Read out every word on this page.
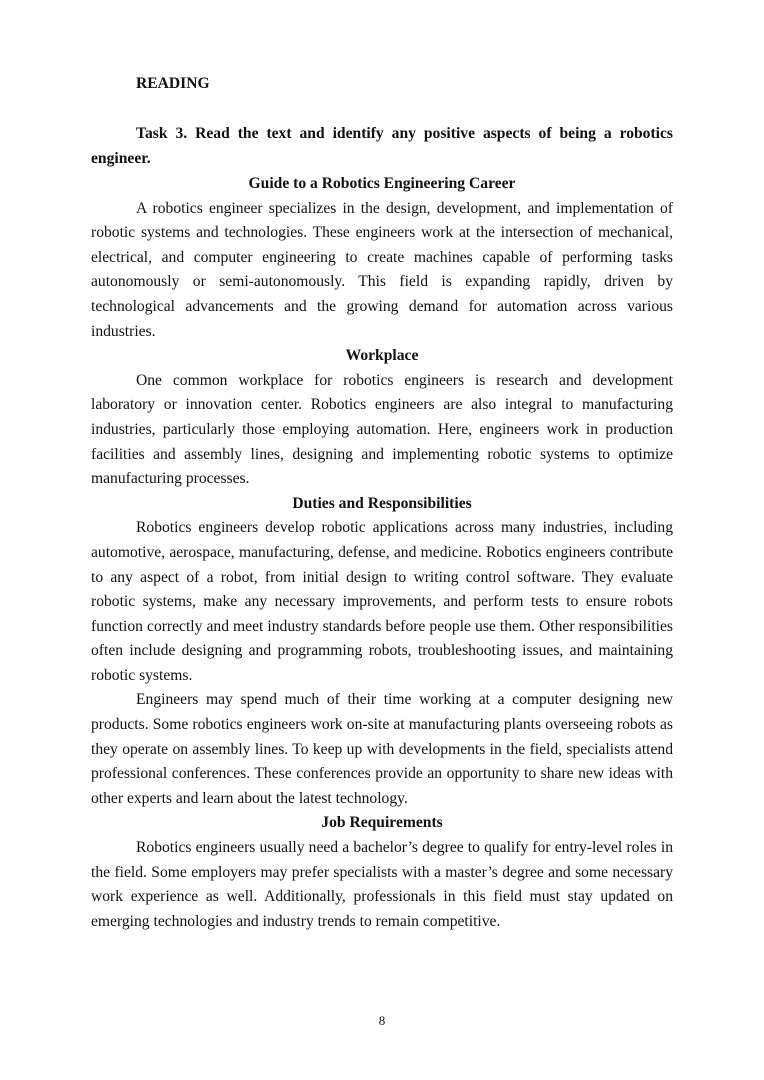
READING

Task 3. Read the text and identify any positive aspects of being a robotics engineer.

Guide to a Robotics Engineering Career

A robotics engineer specializes in the design, development, and implementation of robotic systems and technologies. These engineers work at the intersection of mechanical, electrical, and computer engineering to create machines capable of performing tasks autonomously or semi-autonomously. This field is expanding rapidly, driven by technological advancements and the growing demand for automation across various industries.

Workplace

One common workplace for robotics engineers is research and development laboratory or innovation center. Robotics engineers are also integral to manufacturing industries, particularly those employing automation. Here, engineers work in production facilities and assembly lines, designing and implementing robotic systems to optimize manufacturing processes.

Duties and Responsibilities

Robotics engineers develop robotic applications across many industries, including automotive, aerospace, manufacturing, defense, and medicine. Robotics engineers contribute to any aspect of a robot, from initial design to writing control software. They evaluate robotic systems, make any necessary improvements, and perform tests to ensure robots function correctly and meet industry standards before people use them. Other responsibilities often include designing and programming robots, troubleshooting issues, and maintaining robotic systems.

Engineers may spend much of their time working at a computer designing new products. Some robotics engineers work on-site at manufacturing plants overseeing robots as they operate on assembly lines. To keep up with developments in the field, specialists attend professional conferences. These conferences provide an opportunity to share new ideas with other experts and learn about the latest technology.

Job Requirements

Robotics engineers usually need a bachelor’s degree to qualify for entry-level roles in the field. Some employers may prefer specialists with a master’s degree and some necessary work experience as well. Additionally, professionals in this field must stay updated on emerging technologies and industry trends to remain competitive.

8
